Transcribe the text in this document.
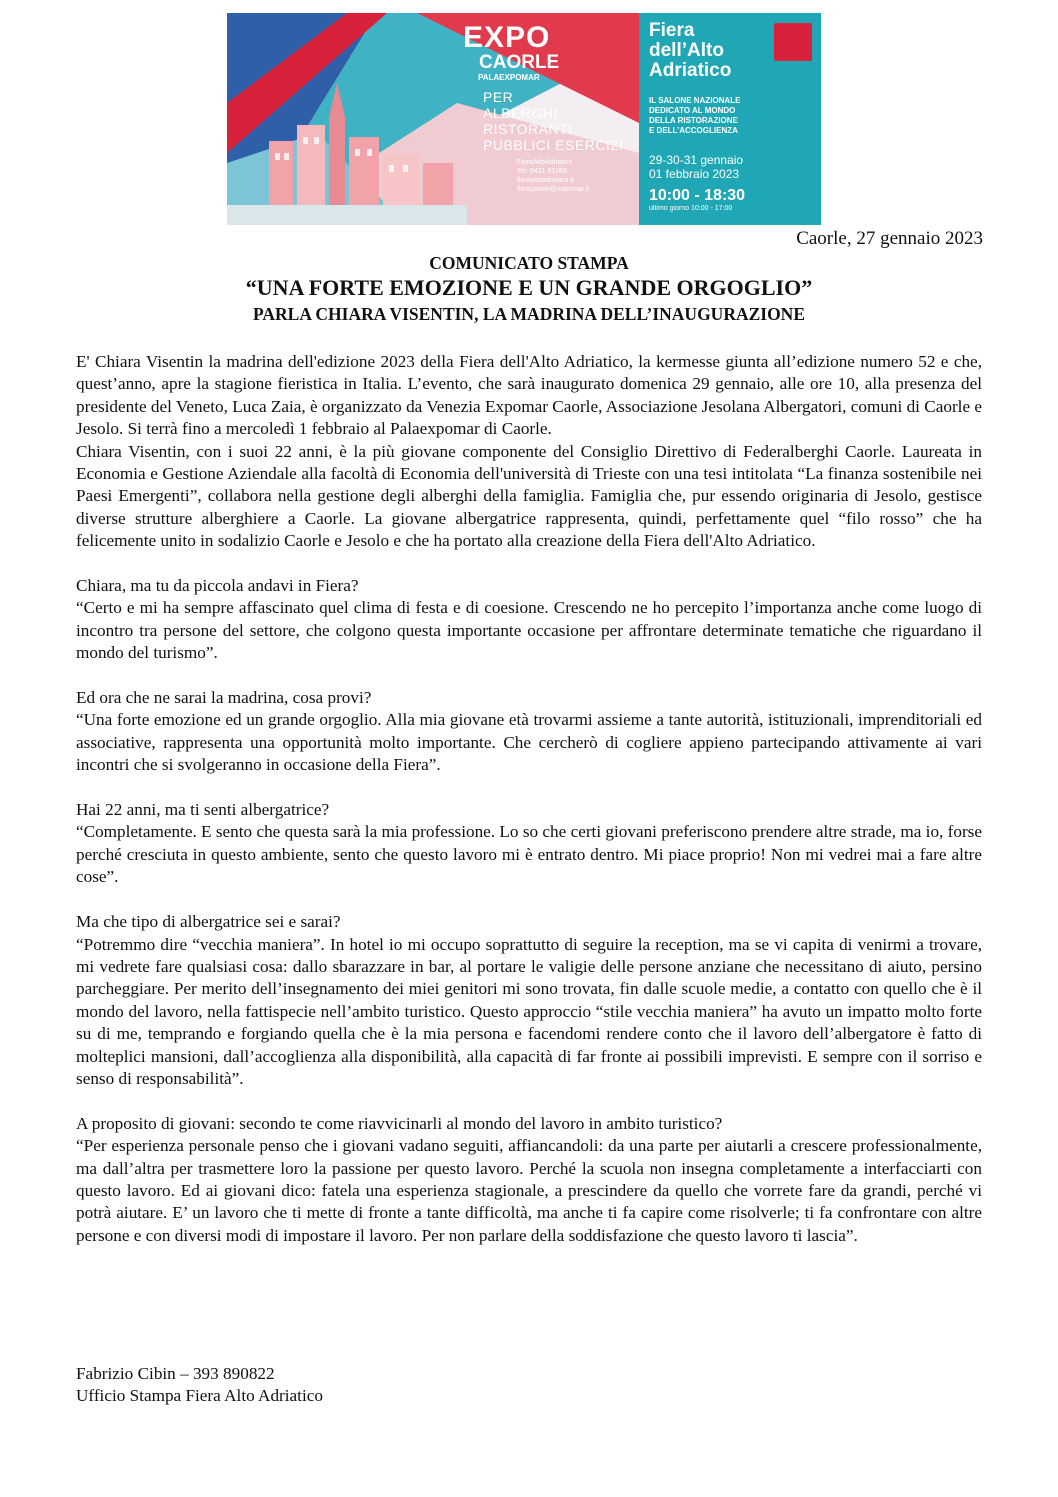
EXPO
CAORLE
PALAEXPOMAR
PER
ALBERGHI
RISTORANTI
PUBBLICI ESERCIZI
FieraAltoAdriatico
Tel. 0421 81269
fieraaltoadriatico.it
fieracaorle@expomar.it
Fiera
dell’Alto
Adriatico
IL SALONE NAZIONALE
DEDICATO AL MONDO
DELLA RISTORAZIONE
E DELL’ACCOGLIENZA
29-30-31 gennaio
01 febbraio 2023
10:00 - 18:30
ultimo giorno 10:00 - 17:00
Caorle, 27 gennaio 2023
COMUNICATO STAMPA
“UNA FORTE EMOZIONE E UN GRANDE ORGOGLIO”
PARLA CHIARA VISENTIN, LA MADRINA DELL’INAUGURAZIONE

E' Chiara Visentin la madrina dell'edizione 2023 della Fiera dell'Alto Adriatico, la kermesse giunta all’edizione numero 52 e che, quest’anno, apre la stagione fieristica in Italia. L’evento, che sarà inaugurato domenica 29 gennaio, alle ore 10, alla presenza del presidente del Veneto, Luca Zaia, è organizzato da Venezia Expomar Caorle, Associazione Jesolana Albergatori, comuni di Caorle e Jesolo. Si terrà fino a mercoledì 1 febbraio al Palaexpomar di Caorle.

Chiara Visentin, con i suoi 22 anni, è la più giovane componente del Consiglio Direttivo di Federalberghi Caorle. Laureata in Economia e Gestione Aziendale alla facoltà di Economia dell'università di Trieste con una tesi intitolata “La finanza sostenibile nei Paesi Emergenti”, collabora nella gestione degli alberghi della famiglia. Famiglia che, pur essendo originaria di Jesolo, gestisce diverse strutture alberghiere a Caorle. La giovane albergatrice rappresenta, quindi, perfettamente quel “filo rosso” che ha felicemente unito in sodalizio Caorle e Jesolo e che ha portato alla creazione della Fiera dell'Alto Adriatico.

Chiara, ma tu da piccola andavi in Fiera?

“Certo e mi ha sempre affascinato quel clima di festa e di coesione. Crescendo ne ho percepito l’importanza anche come luogo di incontro tra persone del settore, che colgono questa importante occasione per affrontare determinate tematiche che riguardano il mondo del turismo”.

Ed ora che ne sarai la madrina, cosa provi?

“Una forte emozione ed un grande orgoglio. Alla mia giovane età trovarmi assieme a tante autorità, istituzionali, imprenditoriali ed associative, rappresenta una opportunità molto importante. Che cercherò di cogliere appieno partecipando attivamente ai vari incontri che si svolgeranno in occasione della Fiera”.

Hai 22 anni, ma ti senti albergatrice?

“Completamente. E sento che questa sarà la mia professione. Lo so che certi giovani preferiscono prendere altre strade, ma io, forse perché cresciuta in questo ambiente, sento che questo lavoro mi è entrato dentro. Mi piace proprio! Non mi vedrei mai a fare altre cose”.

Ma che tipo di albergatrice sei e sarai?

“Potremmo dire “vecchia maniera”. In hotel io mi occupo soprattutto di seguire la reception, ma se vi capita di venirmi a trovare, mi vedrete fare qualsiasi cosa: dallo sbarazzare in bar, al portare le valigie delle persone anziane che necessitano di aiuto, persino parcheggiare. Per merito dell’insegnamento dei miei genitori mi sono trovata, fin dalle scuole medie, a contatto con quello che è il mondo del lavoro, nella fattispecie nell’ambito turistico. Questo approccio “stile vecchia maniera” ha avuto un impatto molto forte su di me, temprando e forgiando quella che è la mia persona e facendomi rendere conto che il lavoro dell’albergatore è fatto di molteplici mansioni, dall’accoglienza alla disponibilità, alla capacità di far fronte ai possibili imprevisti. E sempre con il sorriso e senso di responsabilità”.

A proposito di giovani: secondo te come riavvicinarli al mondo del lavoro in ambito turistico?

“Per esperienza personale penso che i giovani vadano seguiti, affiancandoli: da una parte per aiutarli a crescere professionalmente, ma dall’altra per trasmettere loro la passione per questo lavoro. Perché la scuola non insegna completamente a interfacciarti con questo lavoro. Ed ai giovani dico: fatela una esperienza stagionale, a prescindere da quello che vorrete fare da grandi, perché vi potrà aiutare. E’ un lavoro che ti mette di fronte a tante difficoltà, ma anche ti fa capire come risolverle; ti fa confrontare con altre persone e con diversi modi di impostare il lavoro. Per non parlare della soddisfazione che questo lavoro ti lascia”.

Fabrizio Cibin – 393 890822
Ufficio Stampa Fiera Alto Adriatico
